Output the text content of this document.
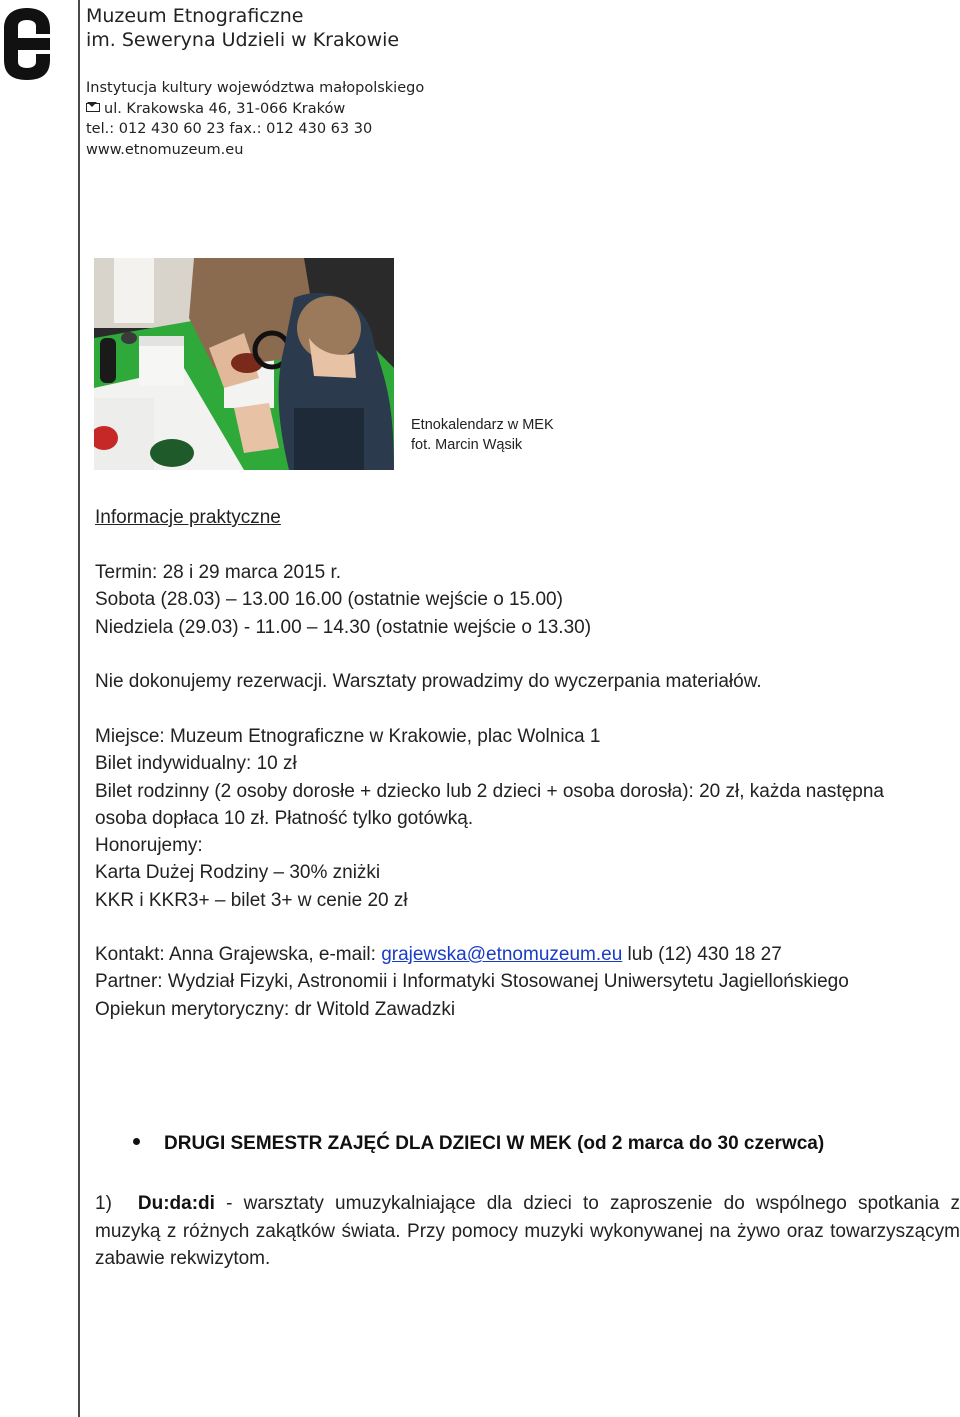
Muzeum Etnograficzne
im. Seweryna Udzieli w Krakowie
Instytucja kultury województwa małopolskiego
ul. Krakowska 46, 31-066 Kraków
tel.: 012 430 60 23 fax.: 012 430 63 30
www.etnomuzeum.eu
Etnokalendarz w MEK
fot. Marcin Wąsik

Informacje praktyczne

Termin: 28 i 29 marca 2015 r.

Sobota (28.03) – 13.00 16.00 (ostatnie wejście o 15.00)

Niedziela (29.03) - 11.00 – 14.30 (ostatnie wejście o 13.30)

Nie dokonujemy rezerwacji. Warsztaty prowadzimy do wyczerpania materiałów.

Miejsce: Muzeum Etnograficzne w Krakowie, plac Wolnica 1

Bilet indywidualny: 10 zł

Bilet rodzinny (2 osoby dorosłe + dziecko lub 2 dzieci + osoba dorosła): 20 zł, każda następna

osoba dopłaca 10 zł. Płatność tylko gotówką.

Honorujemy:

Karta Dużej Rodziny – 30% zniżki

KKR i KKR3+ – bilet 3+ w cenie 20 zł

Kontakt: Anna Grajewska, e-mail: grajewska@etnomuzeum.eu lub (12) 430 18 27

Partner: Wydział Fizyki, Astronomii i Informatyki Stosowanej Uniwersytetu Jagiellońskiego

Opiekun merytoryczny: dr Witold Zawadzki

DRUGI SEMESTR ZAJĘĆ DLA DZIECI W MEK (od 2 marca do 30 czerwca)
1) Du:da:di - warsztaty umuzykalniające dla dzieci to zaproszenie do wspólnego spotkania z muzyką z różnych zakątków świata. Przy pomocy muzyki wykonywanej na żywo oraz towarzyszącym zabawie rekwizytom.
